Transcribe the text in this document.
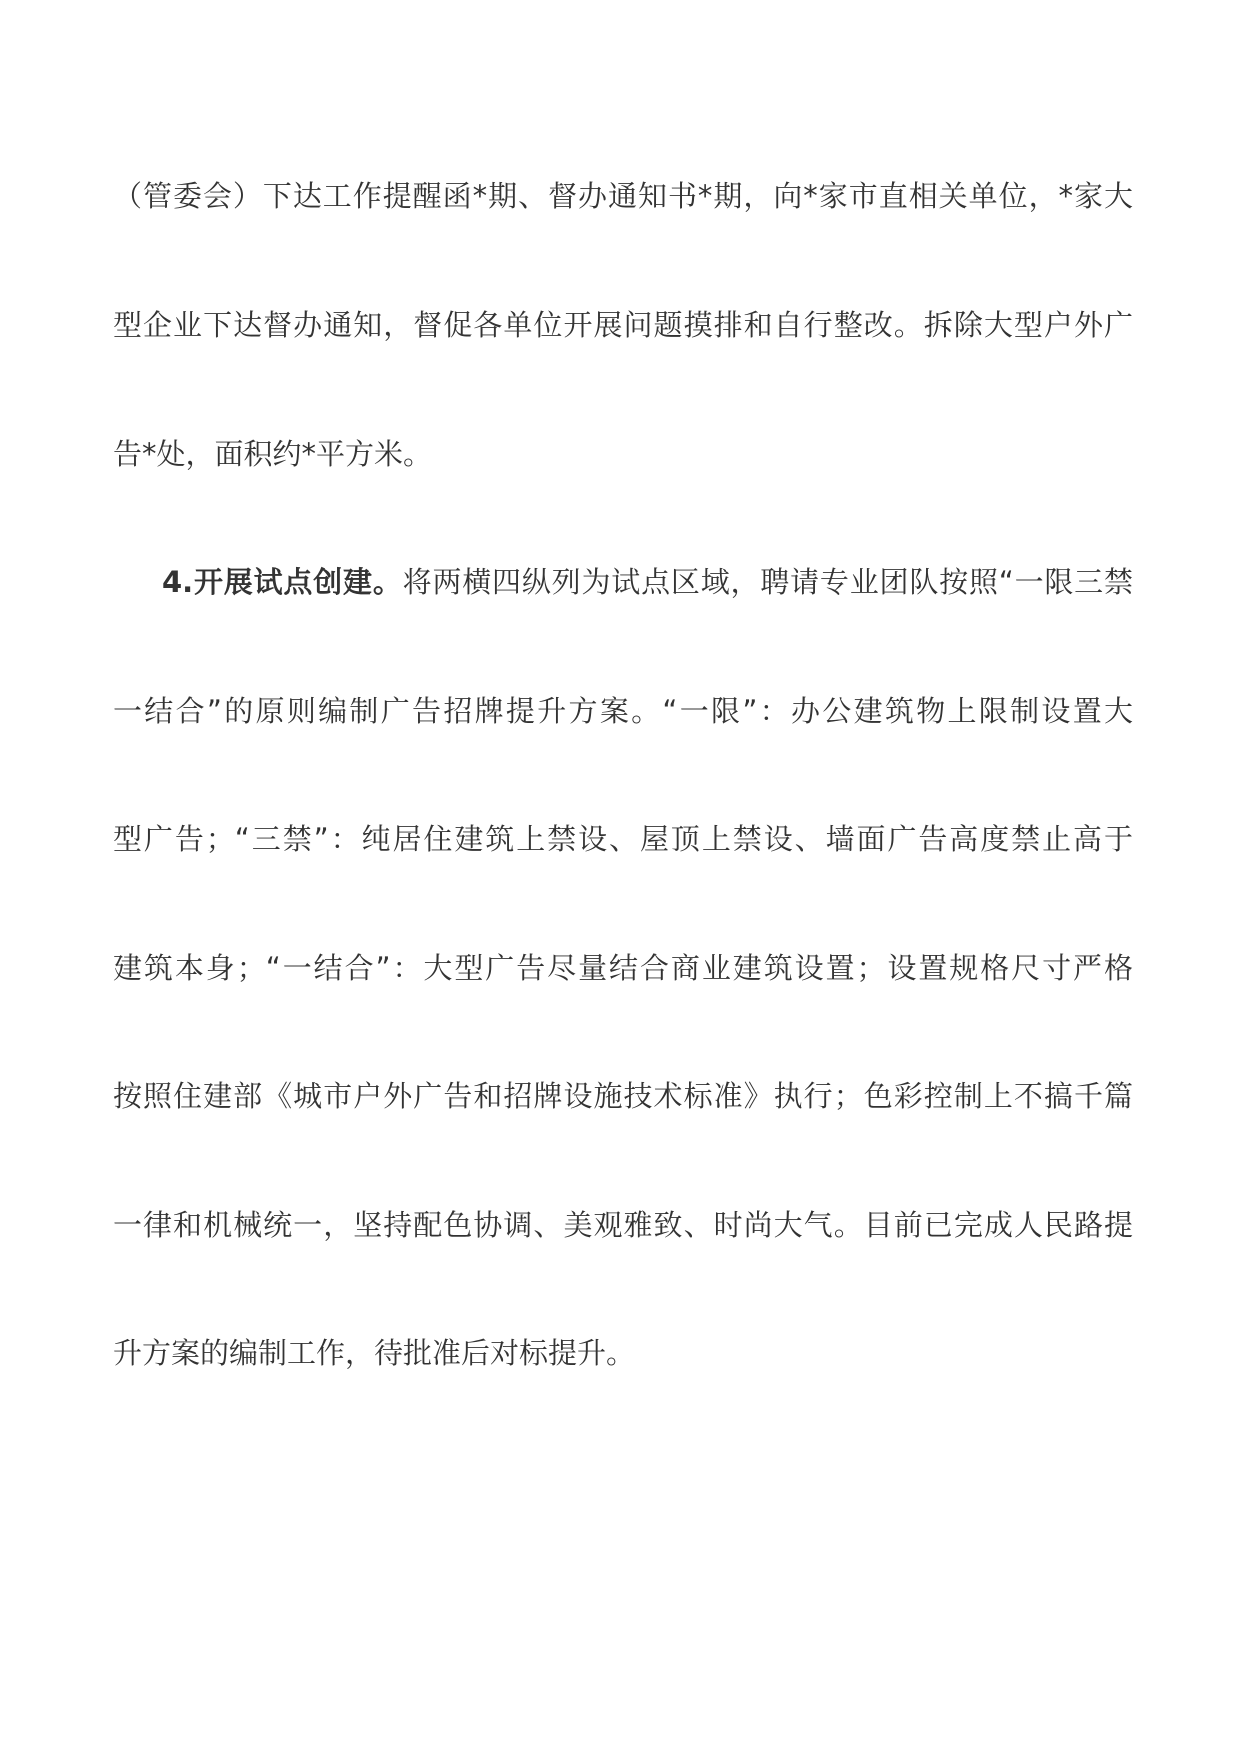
（管委会）下达工作提醒函*期、督办通知书*期，向*家市直相关单位，*家大
型企业下达督办通知，督促各单位开展问题摸排和自行整改。拆除大型户外广
告*处，面积约*平方米。
4.开展试点创建。将两横四纵列为试点区域，聘请专业团队按照“一限三禁
一结合”的原则编制广告招牌提升方案。“一限”：办公建筑物上限制设置大
型广告；“三禁”：纯居住建筑上禁设、屋顶上禁设、墙面广告高度禁止高于
建筑本身；“一结合”：大型广告尽量结合商业建筑设置；设置规格尺寸严格
按照住建部《城市户外广告和招牌设施技术标准》执行；色彩控制上不搞千篇
一律和机械统一，坚持配色协调、美观雅致、时尚大气。目前已完成人民路提
升方案的编制工作，待批准后对标提升。
